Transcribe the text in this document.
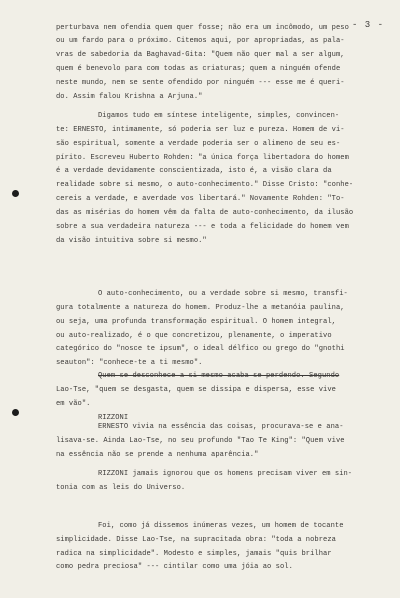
- 3 -
perturbava nem ofendia quem quer fosse; não era um incômodo, um peso
ou um fardo para o próximo. Citemos aqui, por apropriadas, as pala-
vras de sabedoria da Baghavad-Gita: "Quem não quer mal a ser algum,
quem é benevolo para com todas as criaturas; quem a ninguém ofende
neste mundo, nem se sente ofendido por ninguém --- esse me é queri-
do. Assim falou Krishna a Arjuna."
Digamos tudo em síntese inteligente, simples, convincen-
te: ERNESTO, intimamente, só poderia ser luz e pureza. Homem de vi-
são espiritual, somente a verdade poderia ser o alimeno de seu es-
pírito. Escreveu Huberto Rohden: "a única força libertadora do homem
é a verdade devidamente conscientizada, isto é, a visão clara da
realidade sobre si mesmo, o auto-conhecimento." Disse Cristo: "conhe-
cereis a verdade, e averdade vos libertará." Novamente Rohden: "To-
das as misérias do homem vêm da falta de auto-conhecimento, da ilusão
sobre a sua verdadeira natureza --- e toda a felicidade do homem vem
da visão intuitiva sobre si mesmo."
O auto-conhecimento, ou a verdade sobre si mesmo, transfi-
gura totalmente a natureza do homem. Produz-lhe a metanóia paulina,
ou seja, uma profunda transformação espiritual. O homem integral,
ou auto-realizado, é o que concretizou, plenamente, o imperativo
categórico do "nosce te ipsum", o ideal délfico ou grego do "gnothi
seauton": "conhece-te a ti mesmo".
Quem se desconhece a si mesmo acaba se perdendo. Segundo
Lao-Tse, "quem se desgasta, quem se dissipa e dispersa, esse vive
em vão".
RIZZONI
ERNESTO vivia na essência das coisas, procurava-se e ana-
lisava-se. Ainda Lao-Tse, no seu profundo "Tao Te King": "Quem vive
na essência não se prende a nenhuma aparência."
RIZZONI jamais ignorou que os homens precisam viver em sin-
tonia com as leis do Universo.
Foi, como já dissemos inúmeras vezes, um homem de tocante
simplicidade. Disse Lao-Tse, na supracitada obra: "toda a nobreza
radica na simplicidade". Modesto e simples, jamais "quis brilhar
como pedra preciosa" --- cintilar como uma jóia ao sol.
